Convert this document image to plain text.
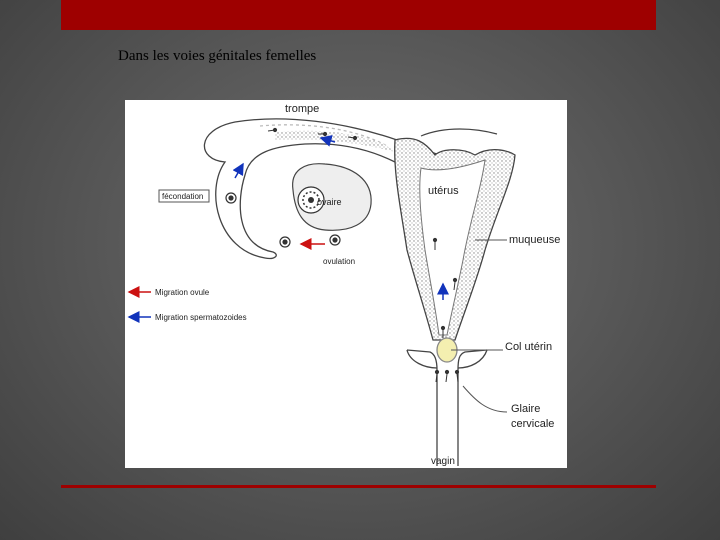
Dans les voies génitales femelles
trompe
utérus
ovaire
fécondation
ovulation
muqueuse
Col utérin
Glaire
cervicale
vagin
Migration ovule
Migration spermatozoides
